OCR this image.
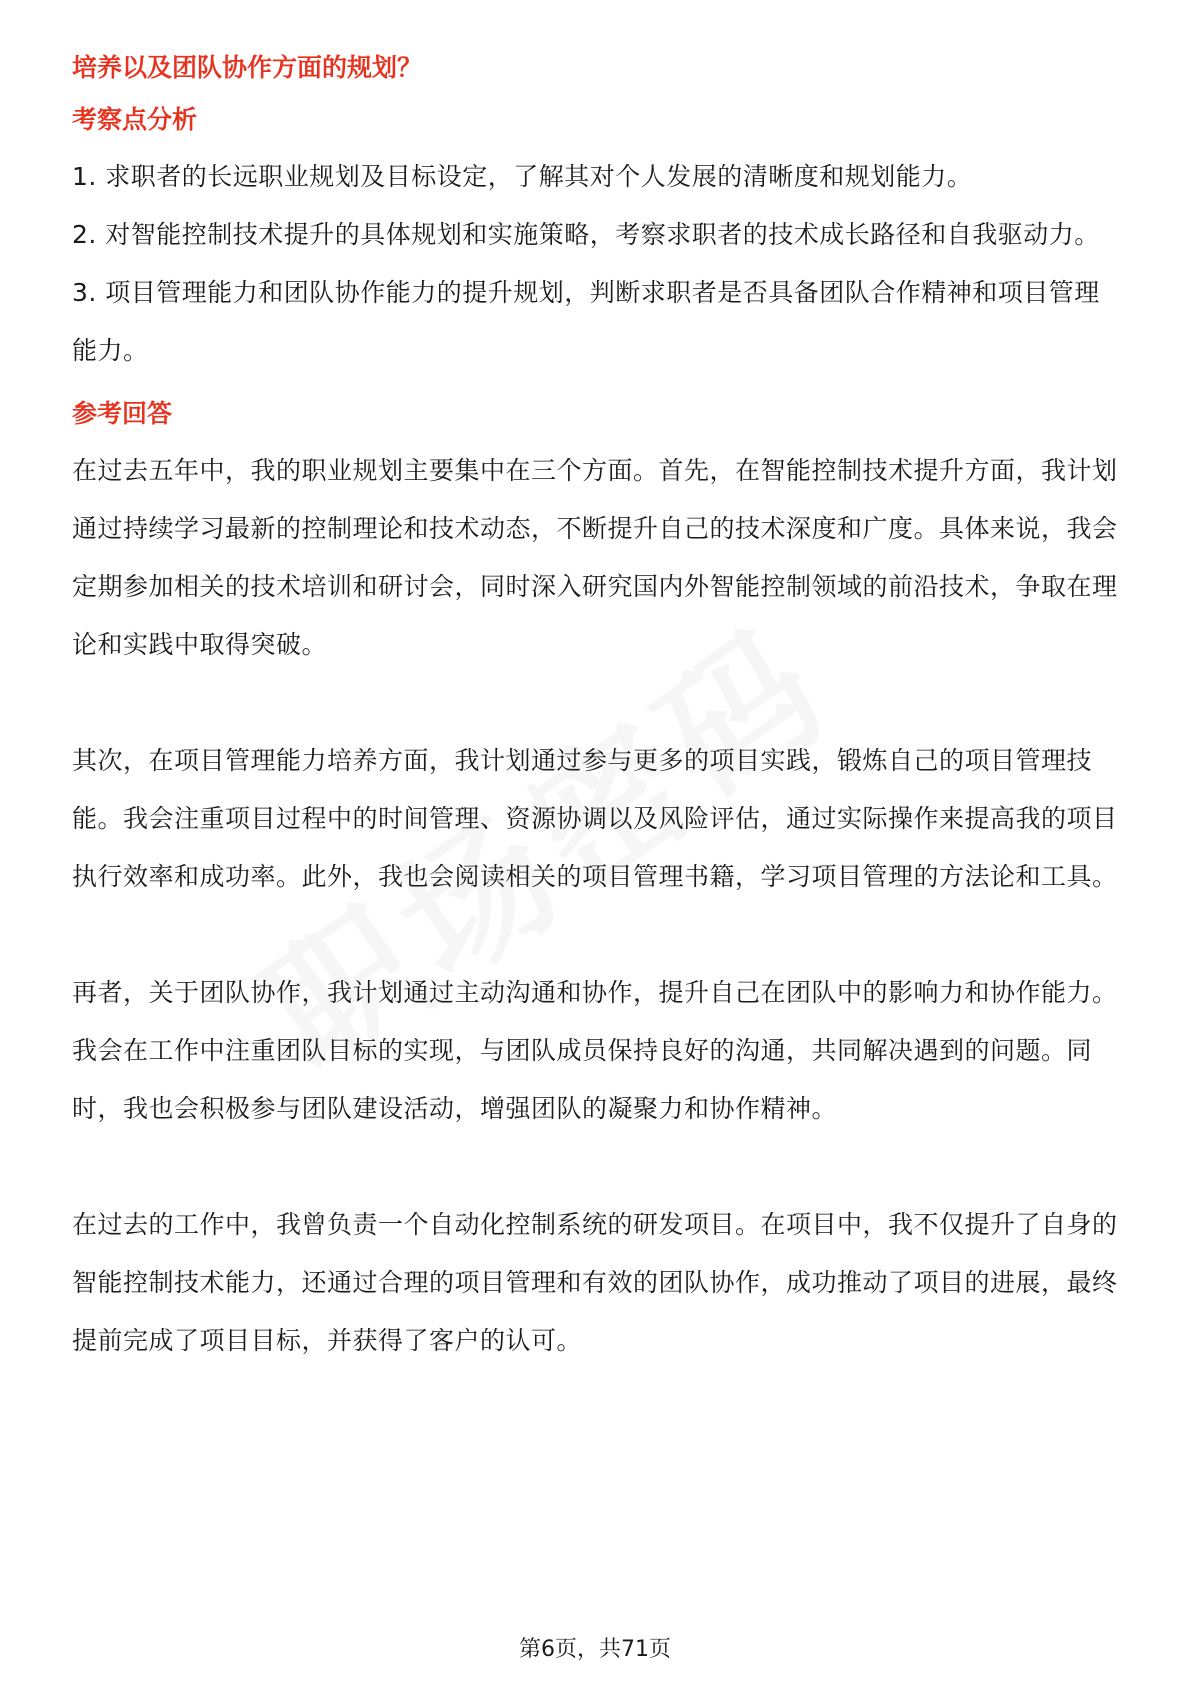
培养以及团队协作方面的规划？
考察点分析

1. 求职者的长远职业规划及目标设定，了解其对个人发展的清晰度和规划能力。

2. 对智能控制技术提升的具体规划和实施策略，考察求职者的技术成长路径和自我驱动力。

3. 项目管理能力和团队协作能力的提升规划，判断求职者是否具备团队合作精神和项目管理能力。

参考回答

在过去五年中，我的职业规划主要集中在三个方面。首先，在智能控制技术提升方面，我计划通过持续学习最新的控制理论和技术动态，不断提升自己的技术深度和广度。具体来说，我会定期参加相关的技术培训和研讨会，同时深入研究国内外智能控制领域的前沿技术，争取在理论和实践中取得突破。

其次，在项目管理能力培养方面，我计划通过参与更多的项目实践，锻炼自己的项目管理技能。我会注重项目过程中的时间管理、资源协调以及风险评估，通过实际操作来提高我的项目执行效率和成功率。此外，我也会阅读相关的项目管理书籍，学习项目管理的方法论和工具。

再者，关于团队协作，我计划通过主动沟通和协作，提升自己在团队中的影响力和协作能力。我会在工作中注重团队目标的实现，与团队成员保持良好的沟通，共同解决遇到的问题。同时，我也会积极参与团队建设活动，增强团队的凝聚力和协作精神。

在过去的工作中，我曾负责一个自动化控制系统的研发项目。在项目中，我不仅提升了自身的智能控制技术能力，还通过合理的项目管理和有效的团队协作，成功推动了项目的进展，最终提前完成了项目目标，并获得了客户的认可。

第6页，共71页
